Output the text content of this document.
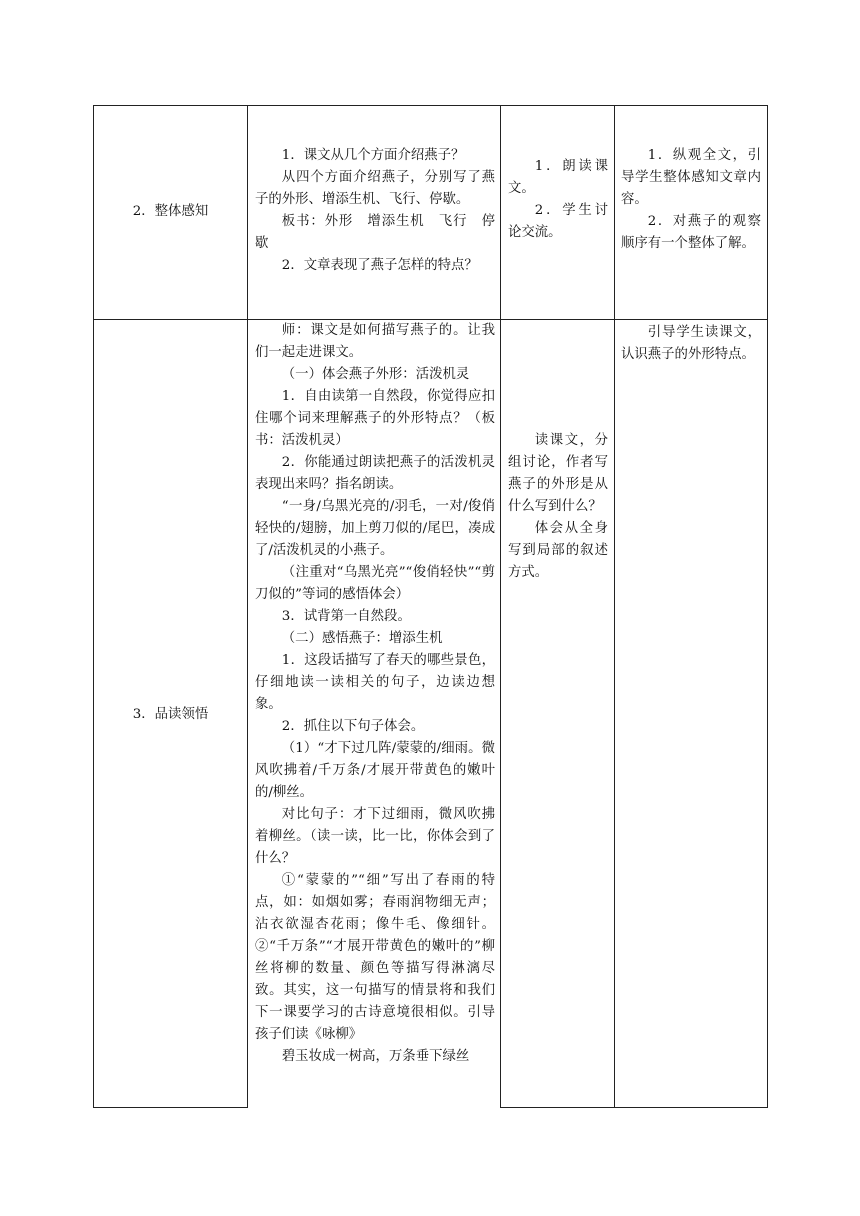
2．整体感知

1．课文从几个方面介绍燕子？

从四个方面介绍燕子，分别写了燕子的外形、增添生机、飞行、停歇。

板书：外形　增添生机　飞行　停歇

2．文章表现了燕子怎样的特点？

1．朗读课文。

2．学生讨论交流。

1．纵观全文，引导学生整体感知文章内容。

2．对燕子的观察顺序有一个整体了解。

3．品读领悟

师：课文是如何描写燕子的。让我们一起走进课文。

（一）体会燕子外形：活泼机灵

1．自由读第一自然段，你觉得应扣住哪个词来理解燕子的外形特点？（板书：活泼机灵）

2．你能通过朗读把燕子的活泼机灵表现出来吗？指名朗读。

“一身/乌黑光亮的/羽毛，一对/俊俏轻快的/翅膀，加上剪刀似的/尾巴，凑成了/活泼机灵的小燕子。

（注重对“乌黑光亮”“俊俏轻快”“剪刀似的”等词的感悟体会）

3．试背第一自然段。

（二）感悟燕子：增添生机

1．这段话描写了春天的哪些景色，仔细地读一读相关的句子，边读边想象。

2．抓住以下句子体会。

（1）“才下过几阵/蒙蒙的/细雨。微风吹拂着/千万条/才展开带黄色的嫩叶的/柳丝。

对比句子：才下过细雨，微风吹拂着柳丝。（读一读，比一比，你体会到了什么？

①“蒙蒙的”“细”写出了春雨的特点，如：如烟如雾；春雨润物细无声；沾衣欲湿杏花雨；像牛毛、像细针。②“千万条”“才展开带黄色的嫩叶的”柳丝将柳的数量、颜色等描写得淋漓尽致。其实，这一句描写的情景将和我们下一课要学习的古诗意境很相似。引导孩子们读《咏柳》

碧玉妆成一树高，万条垂下绿丝

读课文，分组讨论，作者写燕子的外形是从什么写到什么？

体会从全身写到局部的叙述方式。

引导学生读课文，认识燕子的外形特点。
